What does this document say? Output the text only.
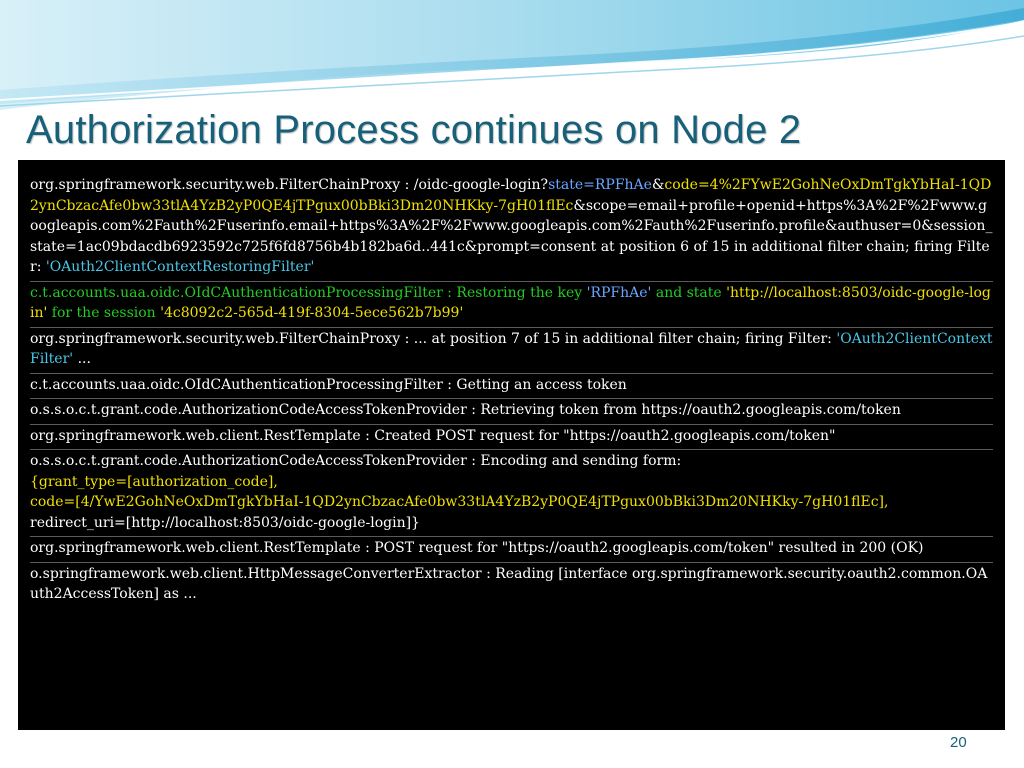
Authorization Process continues on Node 2
org.springframework.security.web.FilterChainProxy : /oidc-google-login?state=RPFhAe&code=4%2FYwE2GohNeOxDmTgkYbHaI-1QD2ynCbzacAfe0bw33tlA4YzB2yP0QE4jTPgux00bBki3Dm20NHKky-7gH01flEc&scope=email+profile+openid+https%3A%2F%2Fwww.googleapis.com%2Fauth%2Fuserinfo.email+https%3A%2F%2Fwww.googleapis.com%2Fauth%2Fuserinfo.profile&authuser=0&session_state=1ac09bdacdb6923592c725f6fd8756b4b182ba6d..441c&prompt=consent at position 6 of 15 in additional filter chain; firing Filter: 'OAuth2ClientContextRestoringFilter'
c.t.accounts.uaa.oidc.OIdCAuthenticationProcessingFilter : Restoring the key 'RPFhAe' and state 'http://localhost:8503/oidc-google-login' for the session '4c8092c2-565d-419f-8304-5ece562b7b99'
org.springframework.security.web.FilterChainProxy : ... at position 7 of 15 in additional filter chain; firing Filter: 'OAuth2ClientContextFilter' ...
c.t.accounts.uaa.oidc.OIdCAuthenticationProcessingFilter : Getting an access token
o.s.s.o.c.t.grant.code.AuthorizationCodeAccessTokenProvider : Retrieving token from https://oauth2.googleapis.com/token
org.springframework.web.client.RestTemplate : Created POST request for "https://oauth2.googleapis.com/token"
o.s.s.o.c.t.grant.code.AuthorizationCodeAccessTokenProvider : Encoding and sending form:
{grant_type=[authorization_code],
code=[4/YwE2GohNeOxDmTgkYbHaI-1QD2ynCbzacAfe0bw33tlA4YzB2yP0QE4jTPgux00bBki3Dm20NHKky-7gH01flEc],
redirect_uri=[http://localhost:8503/oidc-google-login]}
org.springframework.web.client.RestTemplate : POST request for "https://oauth2.googleapis.com/token" resulted in 200 (OK)
o.springframework.web.client.HttpMessageConverterExtractor : Reading [interface org.springframework.security.oauth2.common.OAuth2AccessToken] as ...
20
